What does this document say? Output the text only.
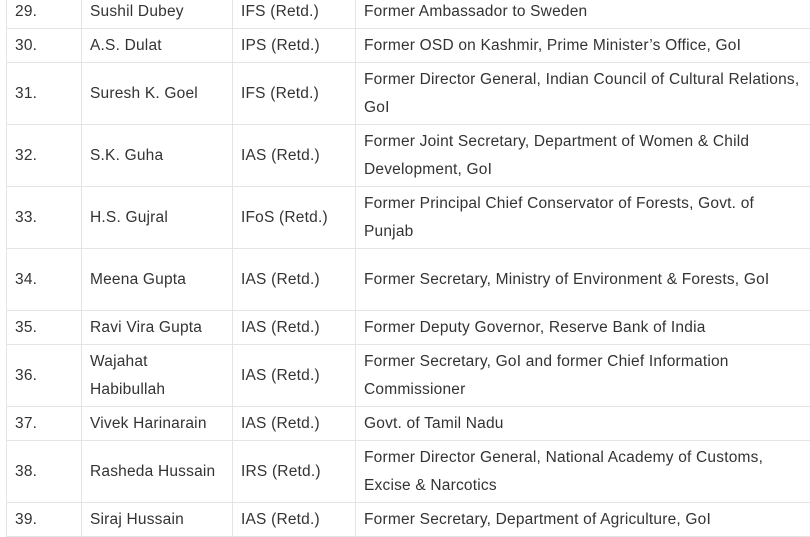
29.	Sushil Dubey	IFS (Retd.)	Former Ambassador to Sweden
30.	A.S. Dulat	IPS (Retd.)	Former OSD on Kashmir, Prime Minister’s Office, GoI
31.	Suresh K. Goel	IFS (Retd.)	Former Director General, Indian Council of Cultural Relations, GoI
32.	S.K. Guha	IAS (Retd.)	Former Joint Secretary, Department of Women & Child Development, GoI
33.	H.S. Gujral	IFoS (Retd.)	Former Principal Chief Conservator of Forests, Govt. of Punjab
34.	Meena Gupta	IAS (Retd.)	Former Secretary, Ministry of Environment & Forests, GoI
35.	Ravi Vira Gupta	IAS (Retd.)	Former Deputy Governor, Reserve Bank of India
36.	Wajahat Habibullah	IAS (Retd.)	Former Secretary, GoI and former Chief Information Commissioner
37.	Vivek Harinarain	IAS (Retd.)	Govt. of Tamil Nadu
38.	Rasheda Hussain	IRS (Retd.)	Former Director General, National Academy of Customs, Excise & Narcotics
39.	Siraj Hussain	IAS (Retd.)	Former Secretary, Department of Agriculture, GoI
